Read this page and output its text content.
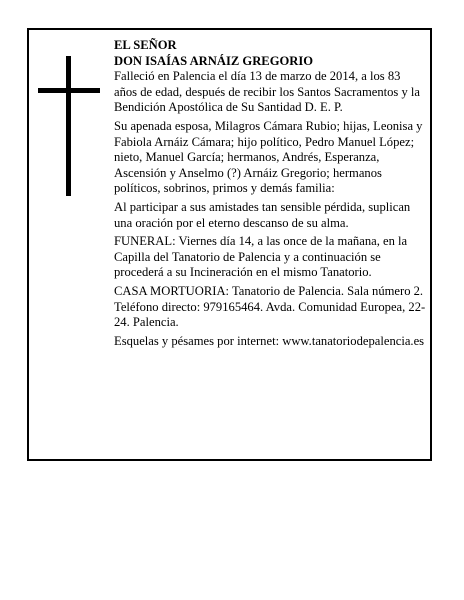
EL SEÑOR
DON ISAÍAS ARNÁIZ GREGORIO

Falleció en Palencia el día 13 de marzo de 2014, a los 83 años de edad, después de recibir los Santos Sacramentos y la Bendición Apostólica de Su Santidad D. E. P.

Su apenada esposa, Milagros Cámara Rubio; hijas, Leonisa y Fabiola Arnáiz Cámara; hijo político, Pedro Manuel López; nieto, Manuel García; hermanos, Andrés, Esperanza, Ascensión y Anselmo (?) Arnáiz Gregorio; hermanos políticos, sobrinos, primos y demás familia:

Al participar a sus amistades tan sensible pérdida, suplican una oración por el eterno descanso de su alma.

FUNERAL: Viernes día 14, a las once de la mañana, en la Capilla del Tanatorio de Palencia y a continuación se procederá a su Incineración en el mismo Tanatorio.

CASA MORTUORIA: Tanatorio de Palencia. Sala número 2. Teléfono directo: 979165464. Avda. Comunidad Europea, 22-24. Palencia.

Esquelas y pésames por internet: www.tanatoriodepalencia.es
